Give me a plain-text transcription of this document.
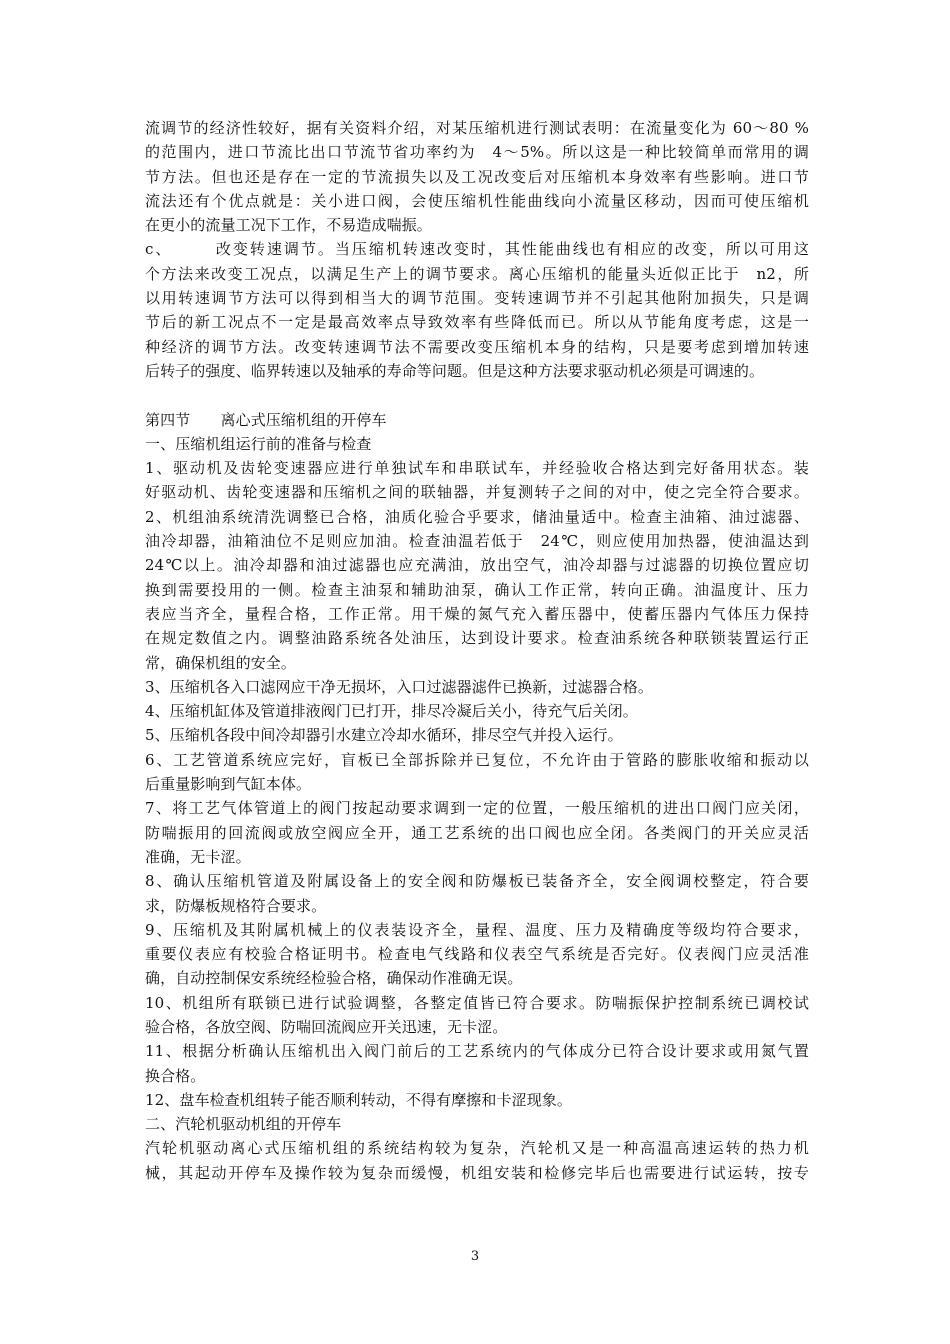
流调节的经济性较好，据有关资料介绍，对某压缩机进行测试表明：在流量变化为 60～80 %
的范围内，进口节流比出口节流节省功率约为　4～5%。所以这是一种比较简单而常用的调
节方法。但也还是存在一定的节流损失以及工况改变后对压缩机本身效率有些影响。进口节
流法还有个优点就是：关小进口阀，会使压缩机性能曲线向小流量区移动，因而可使压缩机
在更小的流量工况下工作，不易造成喘振。
c、　　　改变转速调节。当压缩机转速改变时，其性能曲线也有相应的改变，所以可用这
个方法来改变工况点，以满足生产上的调节要求。离心压缩机的能量头近似正比于　n2，所
以用转速调节方法可以得到相当大的调节范围。变转速调节并不引起其他附加损失，只是调
节后的新工况点不一定是最高效率点导致效率有些降低而已。所以从节能角度考虑，这是一
种经济的调节方法。改变转速调节法不需要改变压缩机本身的结构，只是要考虑到增加转速
后转子的强度、临界转速以及轴承的寿命等问题。但是这种方法要求驱动机必须是可调速的。
第四节　　离心式压缩机组的开停车
一、压缩机组运行前的准备与检查
1、驱动机及齿轮变速器应进行单独试车和串联试车，并经验收合格达到完好备用状态。装
好驱动机、齿轮变速器和压缩机之间的联轴器，并复测转子之间的对中，使之完全符合要求。
2、机组油系统清洗调整已合格，油质化验合乎要求，储油量适中。检查主油箱、油过滤器、
油冷却器，油箱油位不足则应加油。检查油温若低于　24℃，则应使用加热器，使油温达到
24℃以上。油冷却器和油过滤器也应充满油，放出空气，油冷却器与过滤器的切换位置应切
换到需要投用的一侧。检查主油泵和辅助油泵，确认工作正常，转向正确。油温度计、压力
表应当齐全，量程合格，工作正常。用干燥的氮气充入蓄压器中，使蓄压器内气体压力保持
在规定数值之内。调整油路系统各处油压，达到设计要求。检查油系统各种联锁装置运行正
常，确保机组的安全。
3、压缩机各入口滤网应干净无损坏，入口过滤器滤件已换新，过滤器合格。
4、压缩机缸体及管道排液阀门已打开，排尽冷凝后关小，待充气后关闭。
5、压缩机各段中间冷却器引水建立冷却水循环，排尽空气并投入运行。
6、工艺管道系统应完好，盲板已全部拆除并已复位，不允许由于管路的膨胀收缩和振动以
后重量影响到气缸本体。
7、将工艺气体管道上的阀门按起动要求调到一定的位置，一般压缩机的进出口阀门应关闭，
防喘振用的回流阀或放空阀应全开，通工艺系统的出口阀也应全闭。各类阀门的开关应灵活
准确，无卡涩。
8、确认压缩机管道及附属设备上的安全阀和防爆板已装备齐全，安全阀调校整定，符合要
求，防爆板规格符合要求。
9、压缩机及其附属机械上的仪表装设齐全，量程、温度、压力及精确度等级均符合要求，
重要仪表应有校验合格证明书。检查电气线路和仪表空气系统是否完好。仪表阀门应灵活准
确，自动控制保安系统经检验合格，确保动作准确无误。
10、机组所有联锁已进行试验调整，各整定值皆已符合要求。防喘振保护控制系统已调校试
验合格，各放空阀、防喘回流阀应开关迅速，无卡涩。
11、根据分析确认压缩机出入阀门前后的工艺系统内的气体成分已符合设计要求或用氮气置
换合格。
12、盘车检查机组转子能否顺利转动，不得有摩擦和卡涩现象。
二、汽轮机驱动机组的开停车
汽轮机驱动离心式压缩机组的系统结构较为复杂，汽轮机又是一种高温高速运转的热力机
械，其起动开停车及操作较为复杂而缓慢，机组安装和检修完毕后也需要进行试运转，按专
3
